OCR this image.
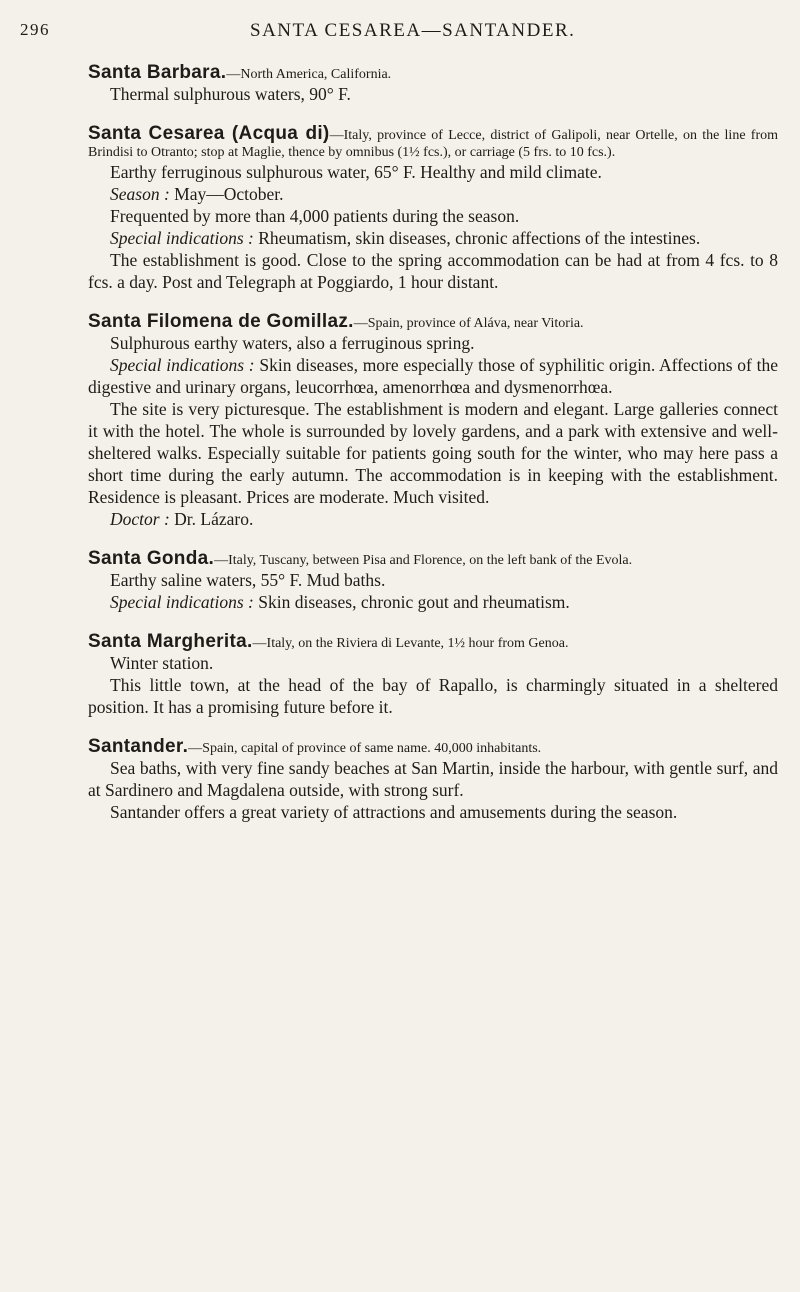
296	SANTA CESAREA—SANTANDER.
Santa Barbara.—North America, California.

Thermal sulphurous waters, 90° F.

Santa Cesarea (Acqua di)—Italy, province of Lecce, district of Galipoli, near Ortelle, on the line from Brindisi to Otranto; stop at Maglie, thence by omnibus (1½ fcs.), or carriage (5 frs. to 10 fcs.).

Earthy ferruginous sulphurous water, 65° F. Healthy and mild climate.

Season : May—October.

Frequented by more than 4,000 patients during the season.

Special indications : Rheumatism, skin diseases, chronic affections of the intestines.

The establishment is good. Close to the spring accommodation can be had at from 4 fcs. to 8 fcs. a day. Post and Telegraph at Poggiardo, 1 hour distant.

Santa Filomena de Gomillaz.—Spain, province of Aláva, near Vitoria.

Sulphurous earthy waters, also a ferruginous spring.

Special indications : Skin diseases, more especially those of syphilitic origin. Affections of the digestive and urinary organs, leucorrhœa, amenorrhœa and dysmenorrhœa.

The site is very picturesque. The establishment is modern and elegant. Large galleries connect it with the hotel. The whole is surrounded by lovely gardens, and a park with extensive and well-sheltered walks. Especially suitable for patients going south for the winter, who may here pass a short time during the early autumn. The accommodation is in keeping with the establishment. Residence is pleasant. Prices are moderate. Much visited.

Doctor : Dr. Lázaro.

Santa Gonda.—Italy, Tuscany, between Pisa and Florence, on the left bank of the Evola.

Earthy saline waters, 55° F. Mud baths.

Special indications : Skin diseases, chronic gout and rheumatism.

Santa Margherita.—Italy, on the Riviera di Levante, 1½ hour from Genoa.

Winter station.

This little town, at the head of the bay of Rapallo, is charmingly situated in a sheltered position. It has a promising future before it.

Santander.—Spain, capital of province of same name. 40,000 inhabitants.

Sea baths, with very fine sandy beaches at San Martin, inside the harbour, with gentle surf, and at Sardinero and Magdalena outside, with strong surf.

Santander offers a great variety of attractions and amusements during the season.
